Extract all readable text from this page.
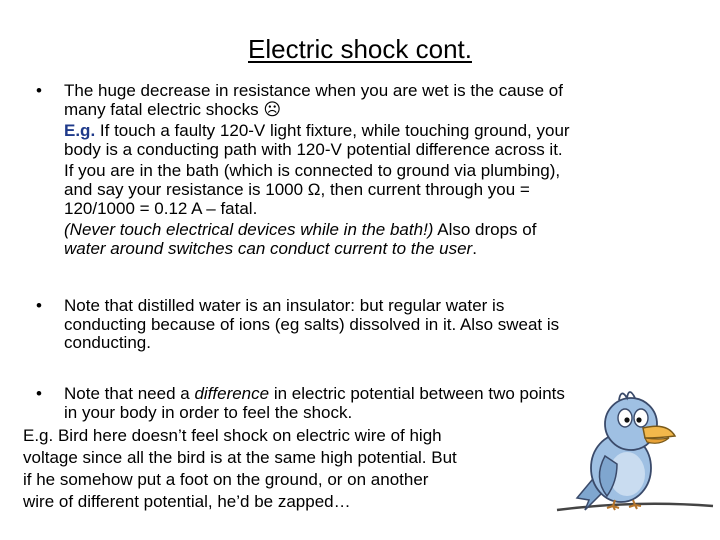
Electric shock cont.
• The huge decrease in resistance when you are wet is the cause of

many fatal electric shocks ☹

E.g. If touch a faulty 120-V light fixture, while touching ground, your

body is a conducting path with 120-V potential difference across it.

If you are in the bath (which is connected to ground via plumbing),

and say your resistance is 1000 Ω, then current through you =

120/1000 = 0.12 A – fatal.

(Never touch electrical devices while in the bath!) Also drops of

water around switches can conduct current to the user.

• Note that distilled water is an insulator: but regular water is

conducting because of ions (eg salts) dissolved in it. Also sweat is

conducting.

• Note that need a difference in electric potential between two points

in your body in order to feel the shock.

E.g. Bird here doesn’t feel shock on electric wire of high

voltage since all the bird is at the same high potential. But

if he somehow put a foot on the ground, or on another

wire of different potential, he’d be zapped…
